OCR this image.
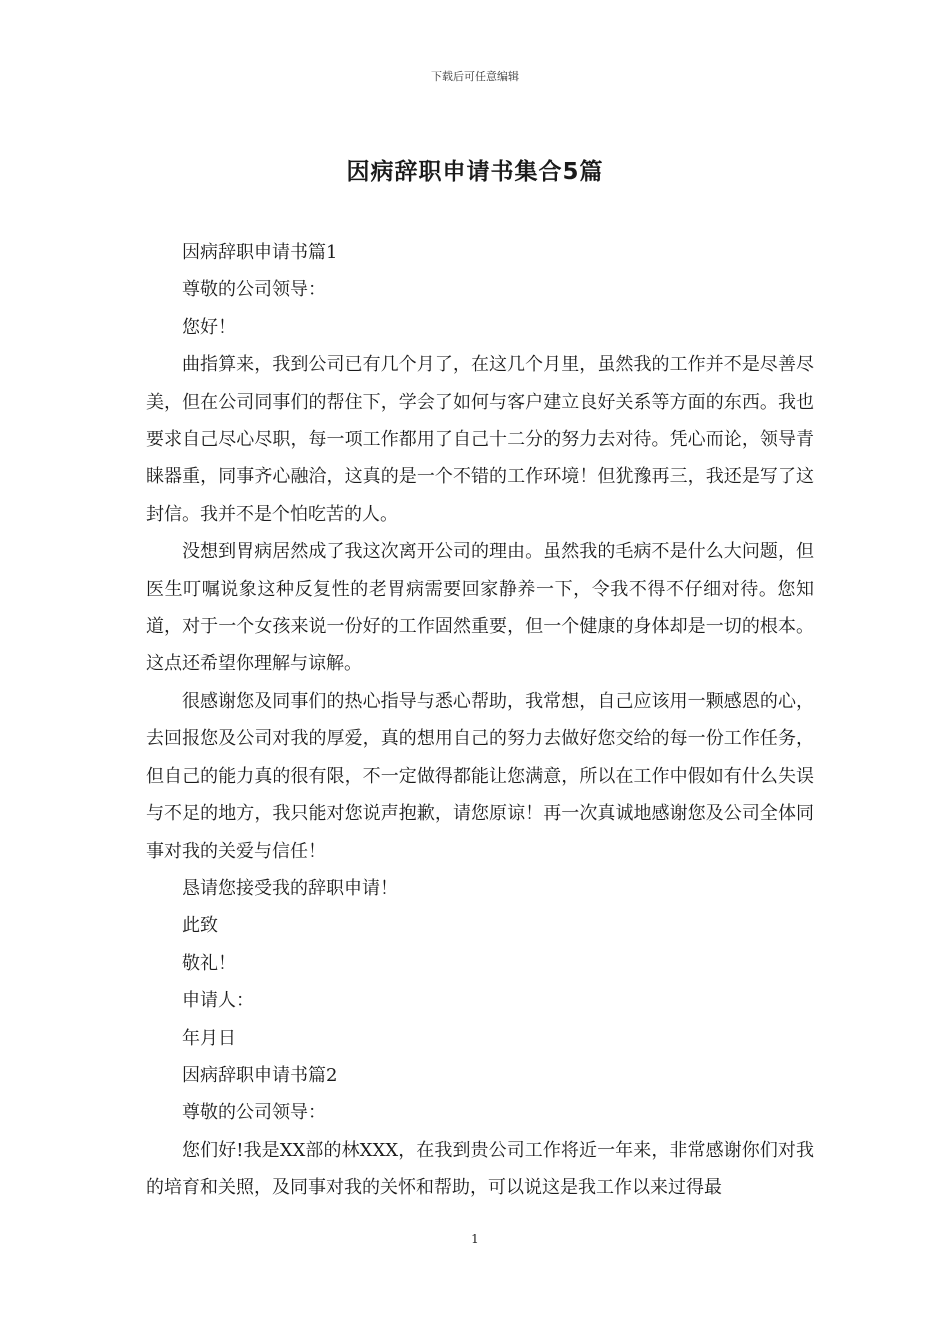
下载后可任意编辑
因病辞职申请书集合5篇

因病辞职申请书篇1

尊敬的公司领导：

您好！

曲指算来，我到公司已有几个月了，在这几个月里，虽然我的工作并不是尽善尽美，但在公司同事们的帮住下，学会了如何与客户建立良好关系等方面的东西。我也要求自己尽心尽职，每一项工作都用了自己十二分的努力去对待。凭心而论，领导青睐器重，同事齐心融洽，这真的是一个不错的工作环境！但犹豫再三，我还是写了这封信。我并不是个怕吃苦的人。

没想到胃病居然成了我这次离开公司的理由。虽然我的毛病不是什么大问题，但医生叮嘱说象这种反复性的老胃病需要回家静养一下，令我不得不仔细对待。您知道，对于一个女孩来说一份好的工作固然重要，但一个健康的身体却是一切的根本。这点还希望你理解与谅解。

很感谢您及同事们的热心指导与悉心帮助，我常想，自己应该用一颗感恩的心，去回报您及公司对我的厚爱，真的想用自己的努力去做好您交给的每一份工作任务，但自己的能力真的很有限，不一定做得都能让您满意，所以在工作中假如有什么失误与不足的地方，我只能对您说声抱歉，请您原谅！再一次真诚地感谢您及公司全体同事对我的关爱与信任！

恳请您接受我的辞职申请！

此致

敬礼！

申请人：

年月日

因病辞职申请书篇2

尊敬的公司领导：

您们好!我是XX部的林XXX，在我到贵公司工作将近一年来，非常感谢你们对我的培育和关照，及同事对我的关怀和帮助，可以说这是我工作以来过得最

1
